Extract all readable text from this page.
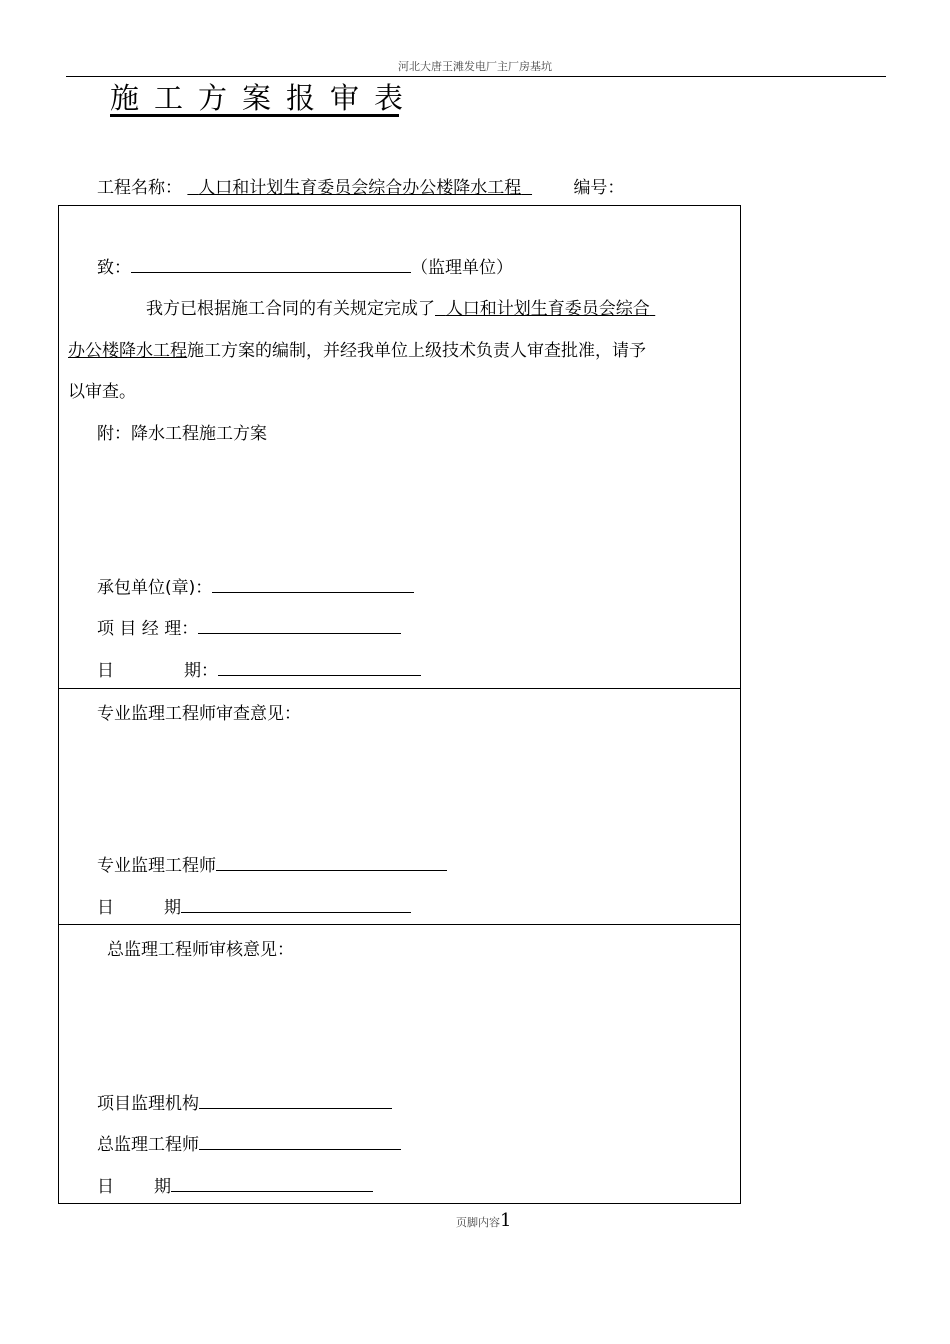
河北大唐王滩发电厂主厂房基坑
施工方案报审表
工程名称： 人口和计划生育委员会综合办公楼降水工程	编号：
致：	（监理单位）
我方已根据施工合同的有关规定完成了 人口和计划生育委员会综合
办公楼降水工程施工方案的编制，并经我单位上级技术负责人审查批准，请予
以审查。
附：降水工程施工方案
承包单位(章)：
项 目 经 理：
日	期：
专业监理工程师审查意见：
专业监理工程师
日	期
总监理工程师审核意见：
项目监理机构
总监理工程师
日 期
页脚内容1
